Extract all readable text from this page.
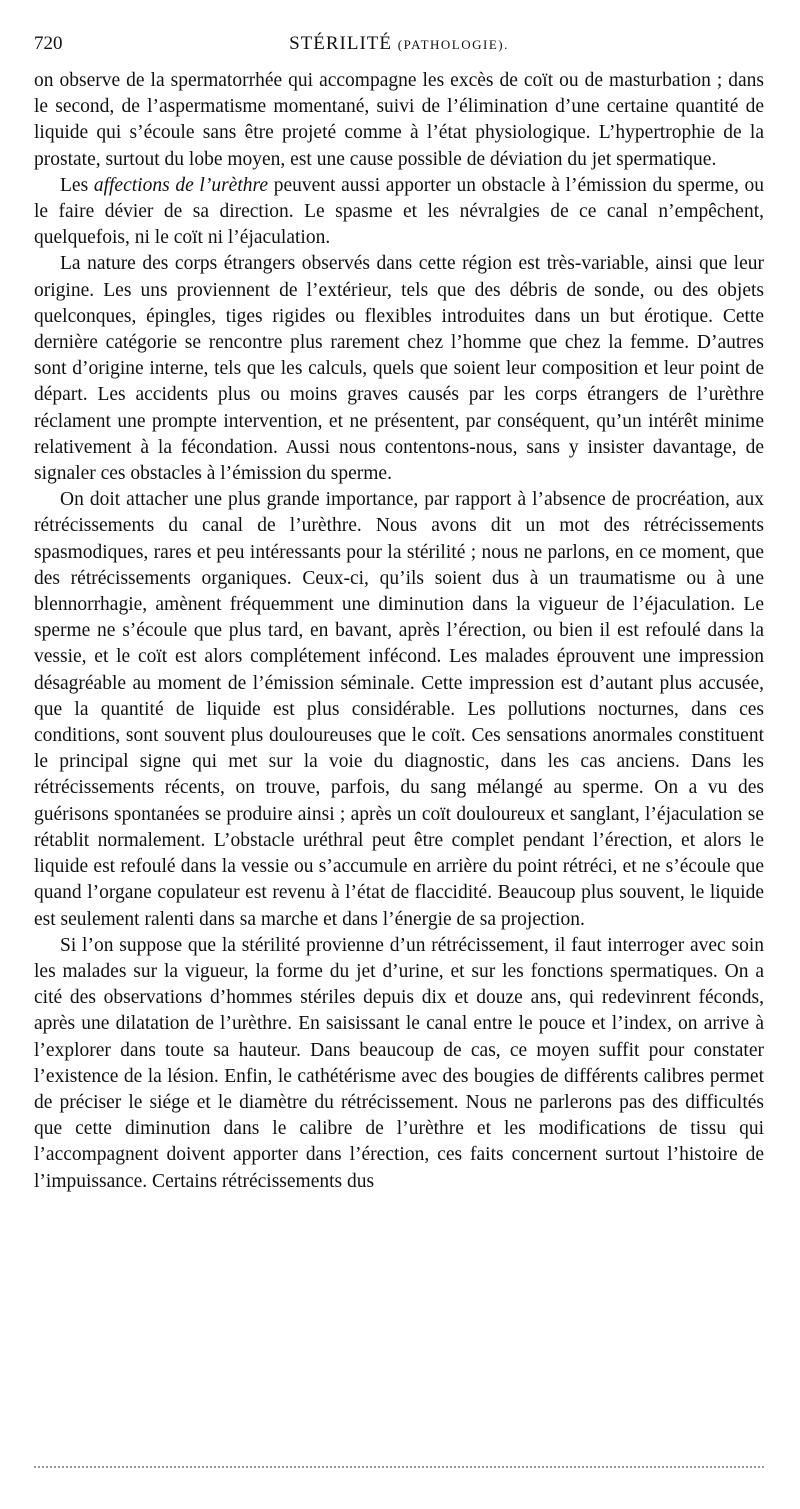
720	STÉRILITÉ (PATHOLOGIE).

on observe de la spermatorrhée qui accompagne les excès de coït ou de masturbation ; dans le second, de l’aspermatisme momentané, suivi de l’élimination d’une certaine quantité de liquide qui s’écoule sans être projeté comme à l’état physiologique. L’hypertrophie de la prostate, surtout du lobe moyen, est une cause possible de déviation du jet spermatique.

Les affections de l’urèthre peuvent aussi apporter un obstacle à l’émission du sperme, ou le faire dévier de sa direction. Le spasme et les névralgies de ce canal n’empêchent, quelquefois, ni le coït ni l’éjaculation.

La nature des corps étrangers observés dans cette région est très-variable, ainsi que leur origine. Les uns proviennent de l’extérieur, tels que des débris de sonde, ou des objets quelconques, épingles, tiges rigides ou flexibles introduites dans un but érotique. Cette dernière catégorie se rencontre plus rarement chez l’homme que chez la femme. D’autres sont d’origine interne, tels que les calculs, quels que soient leur composition et leur point de départ. Les accidents plus ou moins graves causés par les corps étrangers de l’urèthre réclament une prompte intervention, et ne présentent, par conséquent, qu’un intérêt minime relativement à la fécondation. Aussi nous contentons-nous, sans y insister davantage, de signaler ces obstacles à l’émission du sperme.

On doit attacher une plus grande importance, par rapport à l’absence de procréation, aux rétrécissements du canal de l’urèthre. Nous avons dit un mot des rétrécissements spasmodiques, rares et peu intéressants pour la stérilité ; nous ne parlons, en ce moment, que des rétrécissements organiques. Ceux-ci, qu’ils soient dus à un traumatisme ou à une blennorrhagie, amènent fréquemment une diminution dans la vigueur de l’éjaculation. Le sperme ne s’écoule que plus tard, en bavant, après l’érection, ou bien il est refoulé dans la vessie, et le coït est alors complétement infécond. Les malades éprouvent une impression désagréable au moment de l’émission séminale. Cette impression est d’autant plus accusée, que la quantité de liquide est plus considérable. Les pollutions nocturnes, dans ces conditions, sont souvent plus douloureuses que le coït. Ces sensations anormales constituent le principal signe qui met sur la voie du diagnostic, dans les cas anciens. Dans les rétrécissements récents, on trouve, parfois, du sang mélangé au sperme. On a vu des guérisons spontanées se produire ainsi ; après un coït douloureux et sanglant, l’éjaculation se rétablit normalement. L’obstacle uréthral peut être complet pendant l’érection, et alors le liquide est refoulé dans la vessie ou s’accumule en arrière du point rétréci, et ne s’écoule que quand l’organe copulateur est revenu à l’état de flaccidité. Beaucoup plus souvent, le liquide est seulement ralenti dans sa marche et dans l’énergie de sa projection.

Si l’on suppose que la stérilité provienne d’un rétrécissement, il faut interroger avec soin les malades sur la vigueur, la forme du jet d’urine, et sur les fonctions spermatiques. On a cité des observations d’hommes stériles depuis dix et douze ans, qui redevinrent féconds, après une dilatation de l’urèthre. En saisissant le canal entre le pouce et l’index, on arrive à l’explorer dans toute sa hauteur. Dans beaucoup de cas, ce moyen suffit pour constater l’existence de la lésion. Enfin, le cathétérisme avec des bougies de différents calibres permet de préciser le siége et le diamètre du rétrécissement. Nous ne parlerons pas des difficultés que cette diminution dans le calibre de l’urèthre et les modifications de tissu qui l’accompagnent doivent apporter dans l’érection, ces faits concernent surtout l’histoire de l’impuissance. Certains rétrécissements dus
